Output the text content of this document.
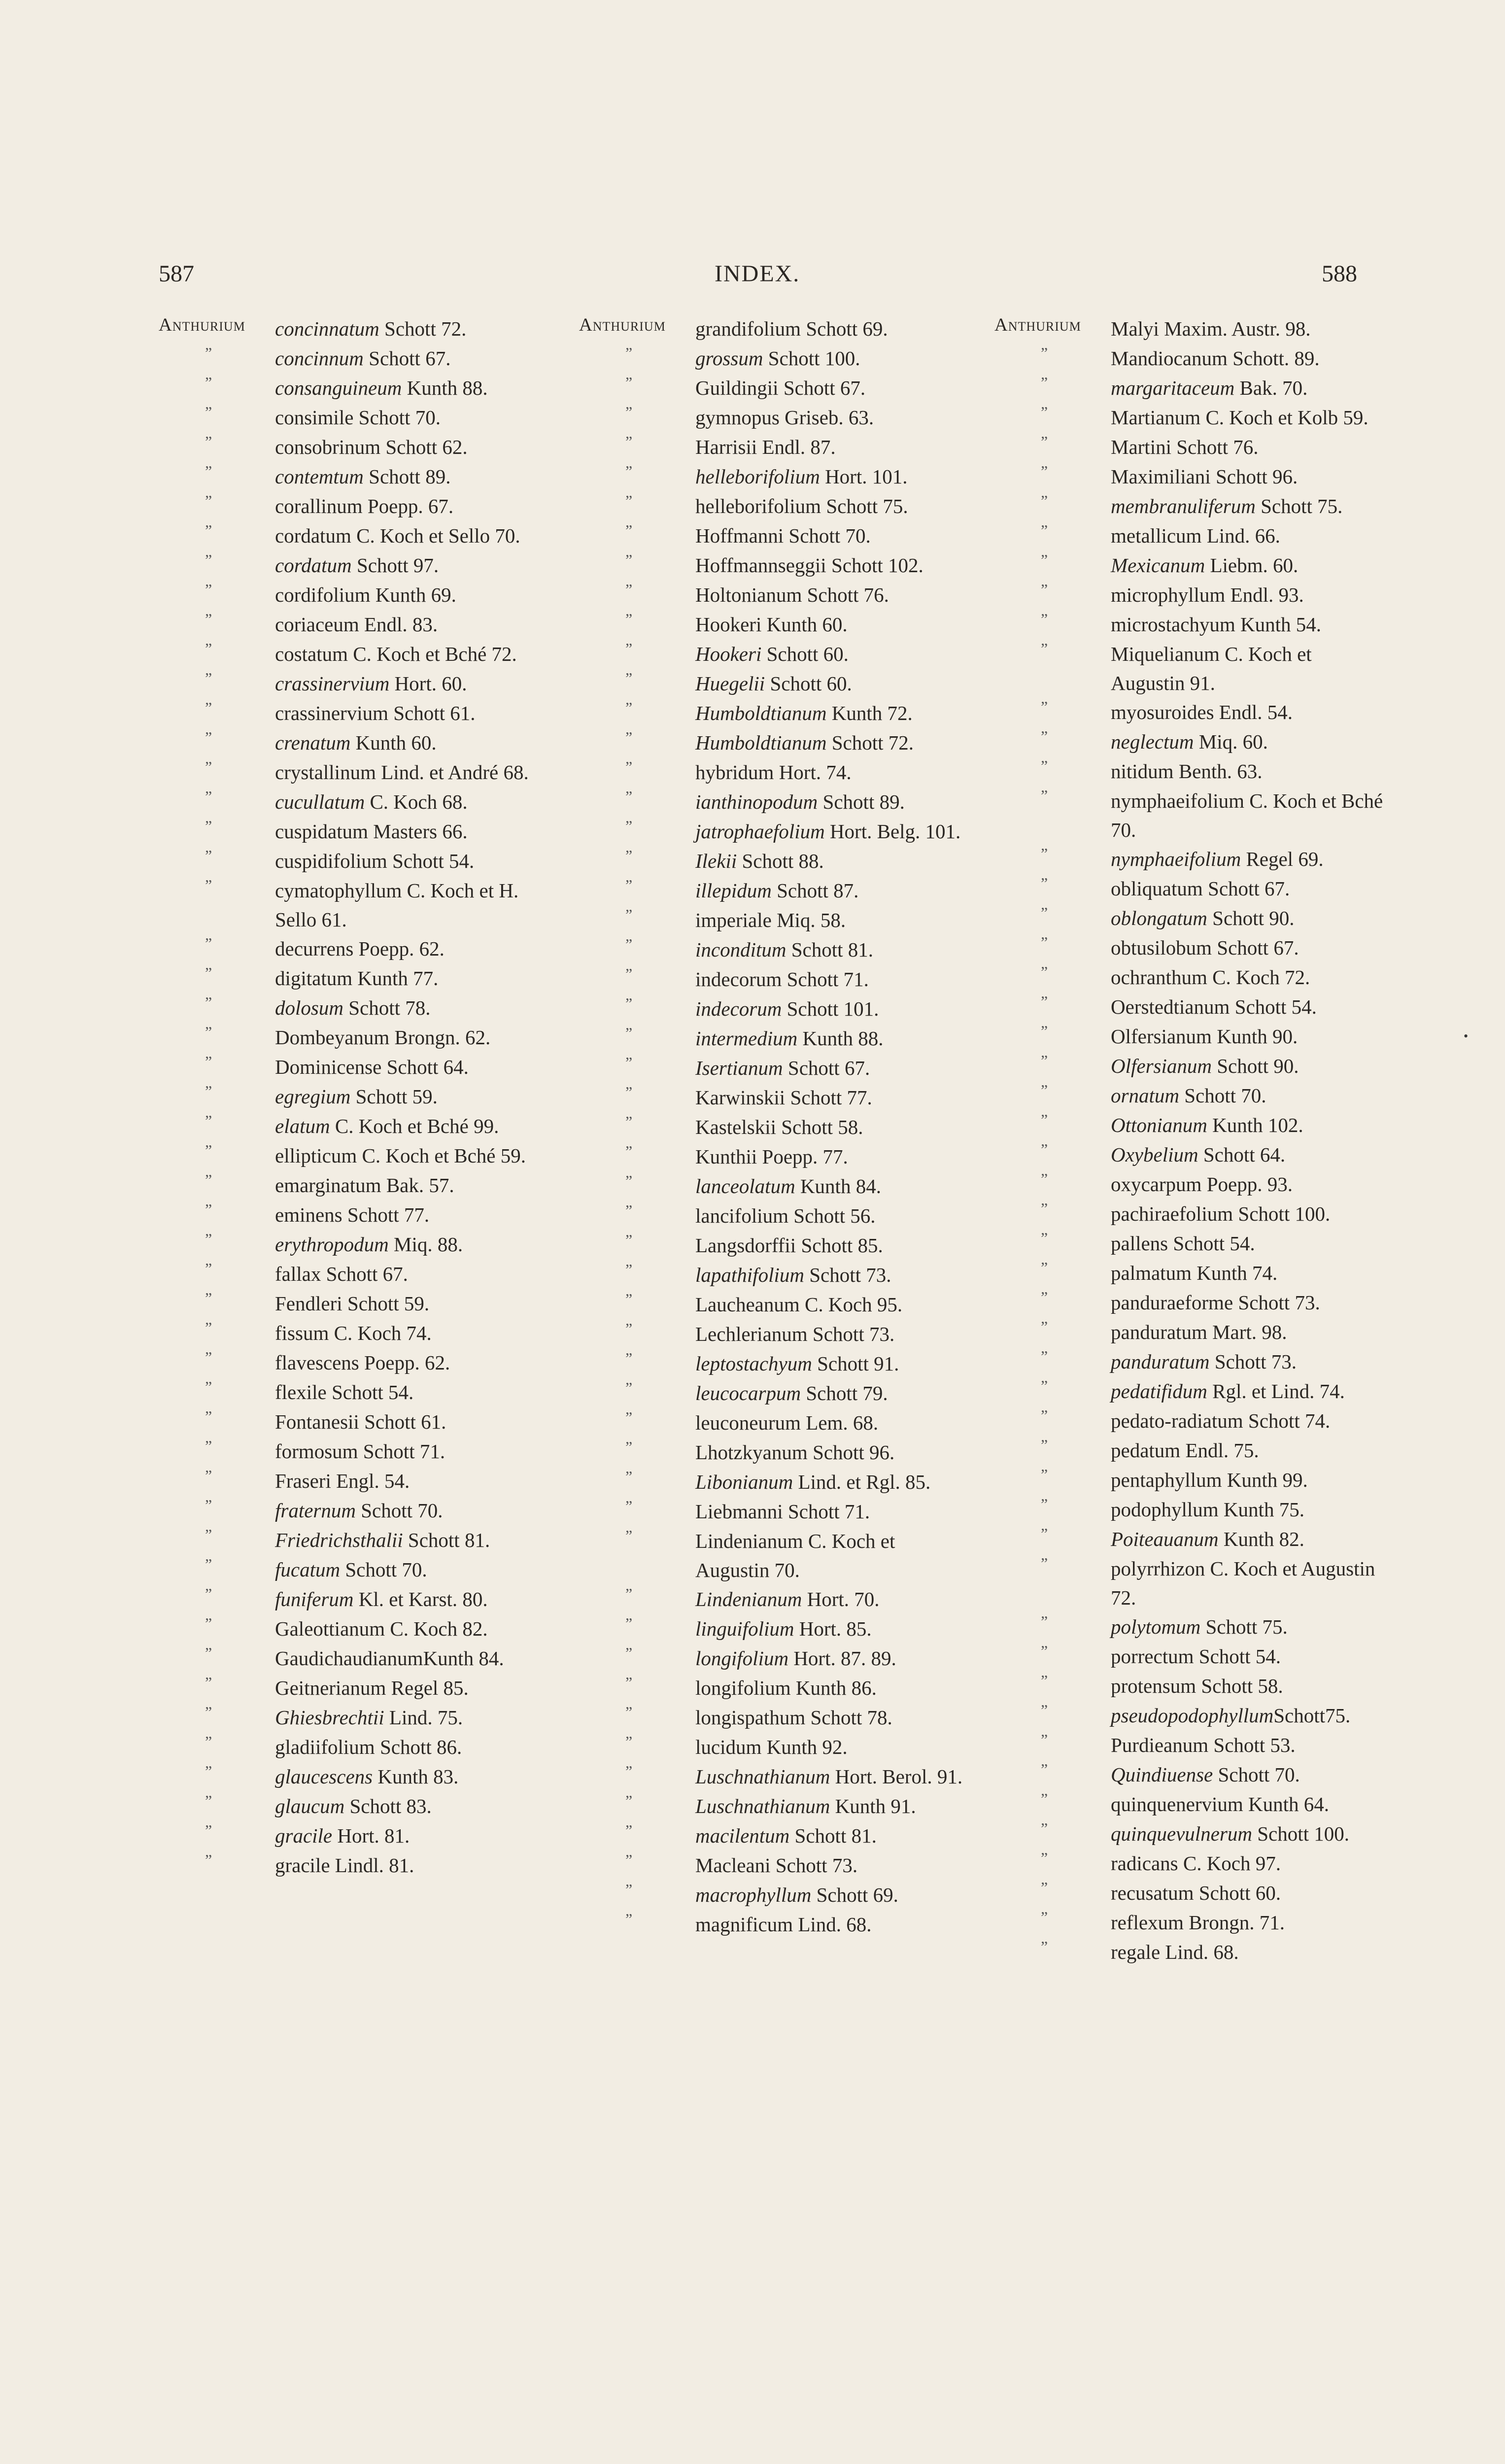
587	INDEX.	588
Anthurium concinnatum Schott 72.
”	concinnum Schott 67.
”	consanguineum Kunth 88.
”	consimile Schott 70.
”	consobrinum Schott 62.
”	contemtum Schott 89.
”	corallinum Poepp. 67.
”	cordatum C. Koch et Sello 70.
”	cordatum Schott 97.
”	cordifolium Kunth 69.
”	coriaceum Endl. 83.
”	costatum C. Koch et Bché 72.
”	crassinervium Hort. 60.
”	crassinervium Schott 61.
”	crenatum Kunth 60.
”	crystallinum Lind. et André 68.
”	cucullatum C. Koch 68.
”	cuspidatum Masters 66.
”	cuspidifolium Schott 54.
”	cymatophyllum C. Koch et H. Sello 61.
”	decurrens Poepp. 62.
”	digitatum Kunth 77.
”	dolosum Schott 78.
”	Dombeyanum Brongn. 62.
”	Dominicense Schott 64.
”	egregium Schott 59.
”	elatum C. Koch et Bché 99.
”	ellipticum C. Koch et Bché 59.
”	emarginatum Bak. 57.
”	eminens Schott 77.
”	erythropodum Miq. 88.
”	fallax Schott 67.
”	Fendleri Schott 59.
”	fissum C. Koch 74.
”	flavescens Poepp. 62.
”	flexile Schott 54.
”	Fontanesii Schott 61.
”	formosum Schott 71.
”	Fraseri Engl. 54.
”	fraternum Schott 70.
”	Friedrichsthalii Schott 81.
”	fucatum Schott 70.
”	funiferum Kl. et Karst. 80.
”	Galeottianum C. Koch 82.
”	GaudichaudianumKunth 84.
”	Geitnerianum Regel 85.
”	Ghiesbrechtii Lind. 75.
”	gladiifolium Schott 86.
”	glaucescens Kunth 83.
”	glaucum Schott 83.
”	gracile Hort. 81.
”	gracile Lindl. 81.
Anthurium grandifolium Schott 69.
”	grossum Schott 100.
”	Guildingii Schott 67.
”	gymnopus Griseb. 63.
”	Harrisii Endl. 87.
”	helleborifolium Hort. 101.
”	helleborifolium Schott 75.
”	Hoffmanni Schott 70.
”	Hoffmannseggii Schott 102.
”	Holtonianum Schott 76.
”	Hookeri Kunth 60.
”	Hookeri Schott 60.
”	Huegelii Schott 60.
”	Humboldtianum Kunth 72.
”	Humboldtianum Schott 72.
”	hybridum Hort. 74.
”	ianthinopodum Schott 89.
”	jatrophaefolium Hort. Belg. 101.
”	Ilekii Schott 88.
”	illepidum Schott 87.
”	imperiale Miq. 58.
”	inconditum Schott 81.
”	indecorum Schott 71.
”	indecorum Schott 101.
”	intermedium Kunth 88.
”	Isertianum Schott 67.
”	Karwinskii Schott 77.
”	Kastelskii Schott 58.
”	Kunthii Poepp. 77.
”	lanceolatum Kunth 84.
”	lancifolium Schott 56.
”	Langsdorffii Schott 85.
”	lapathifolium Schott 73.
”	Laucheanum C. Koch 95.
”	Lechlerianum Schott 73.
”	leptostachyum Schott 91.
”	leucocarpum Schott 79.
”	leuconeurum Lem. 68.
”	Lhotzkyanum Schott 96.
”	Libonianum Lind. et Rgl. 85.
”	Liebmanni Schott 71.
”	Lindenianum C. Koch et Augustin 70.
”	Lindenianum Hort. 70.
”	linguifolium Hort. 85.
”	longifolium Hort. 87. 89.
”	longifolium Kunth 86.
”	longispathum Schott 78.
”	lucidum Kunth 92.
”	Luschnathianum Hort. Berol. 91.
”	Luschnathianum Kunth 91.
”	macilentum Schott 81.
”	Macleani Schott 73.
”	macrophyllum Schott 69.
”	magnificum Lind. 68.
Anthurium Malyi Maxim. Austr. 98.
”	Mandiocanum Schott. 89.
”	margaritaceum Bak. 70.
”	Martianum C. Koch et Kolb 59.
”	Martini Schott 76.
”	Maximiliani Schott 96.
”	membranuliferum Schott 75.
”	metallicum Lind. 66.
”	Mexicanum Liebm. 60.
”	microphyllum Endl. 93.
”	microstachyum Kunth 54.
”	Miquelianum C. Koch et Augustin 91.
”	myosuroides Endl. 54.
”	neglectum Miq. 60.
”	nitidum Benth. 63.
”	nymphaeifolium C. Koch et Bché 70.
”	nymphaeifolium Regel 69.
”	obliquatum Schott 67.
”	oblongatum Schott 90.
”	obtusilobum Schott 67.
”	ochranthum C. Koch 72.
”	Oerstedtianum Schott 54.
”	Olfersianum Kunth 90.
”	Olfersianum Schott 90.
”	ornatum Schott 70.
”	Ottonianum Kunth 102.
”	Oxybelium Schott 64.
”	oxycarpum Poepp. 93.
”	pachiraefolium Schott 100.
”	pallens Schott 54.
”	palmatum Kunth 74.
”	panduraeforme Schott 73.
”	panduratum Mart. 98.
”	panduratum Schott 73.
”	pedatifidum Rgl. et Lind. 74.
”	pedato-radiatum Schott 74.
”	pedatum Endl. 75.
”	pentaphyllum Kunth 99.
”	podophyllum Kunth 75.
”	Poiteauanum Kunth 82.
”	polyrrhizon C. Koch et Augustin 72.
”	polytomum Schott 75.
”	porrectum Schott 54.
”	protensum Schott 58.
”	pseudopodophyllumSchott75.
”	Purdieanum Schott 53.
”	Quindiuense Schott 70.
”	quinquenervium Kunth 64.
”	quinquevulnerum Schott 100.
”	radicans C. Koch 97.
”	recusatum Schott 60.
”	reflexum Brongn. 71.
”	regale Lind. 68.
•
